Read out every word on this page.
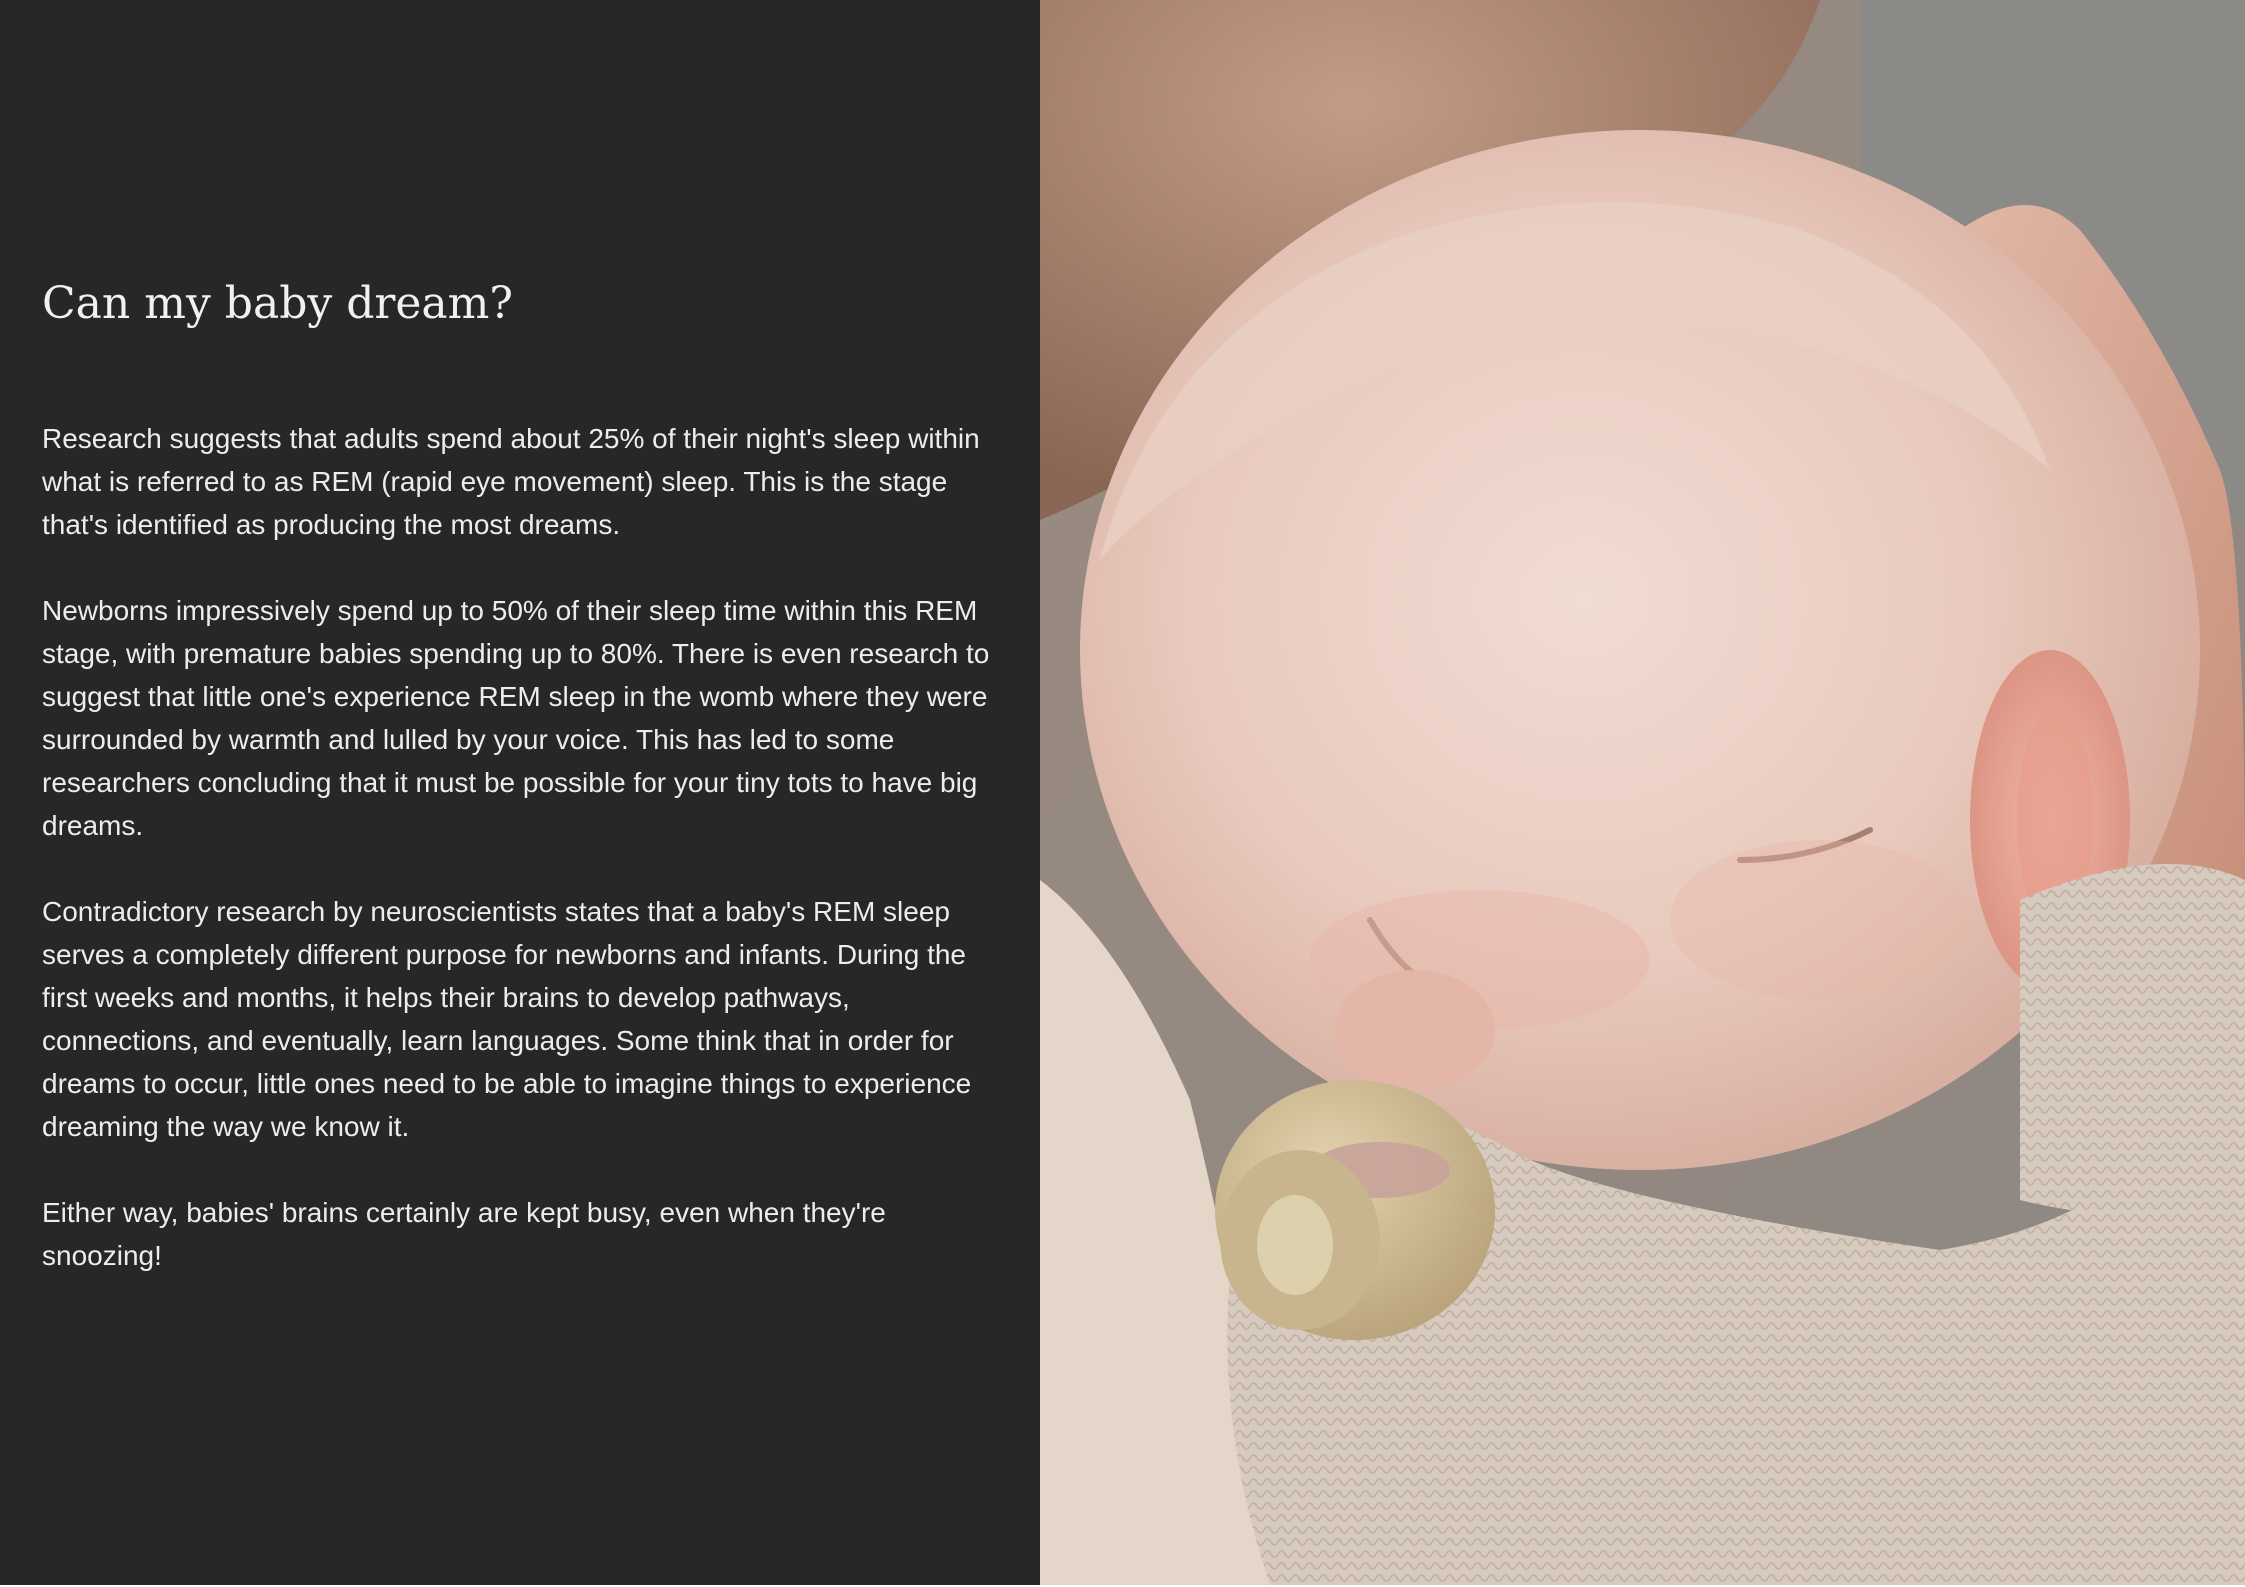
Can my baby dream?

Research suggests that adults spend about 25% of their night's sleep within what is referred to as REM (rapid eye movement) sleep. This is the stage that's identified as producing the most dreams.

Newborns impressively spend up to 50% of their sleep time within this REM stage, with premature babies spending up to 80%. There is even research to suggest that little one's experience REM sleep in the womb where they were surrounded by warmth and lulled by your voice. This has led to some researchers concluding that it must be possible for your tiny tots to have big dreams.

Contradictory research by neuroscientists states that a baby's REM sleep serves a completely different purpose for newborns and infants. During the first weeks and months, it helps their brains to develop pathways, connections, and eventually, learn languages. Some think that in order for dreams to occur, little ones need to be able to imagine things to experience dreaming the way we know it.

Either way, babies' brains certainly are kept busy, even when they're snoozing!
